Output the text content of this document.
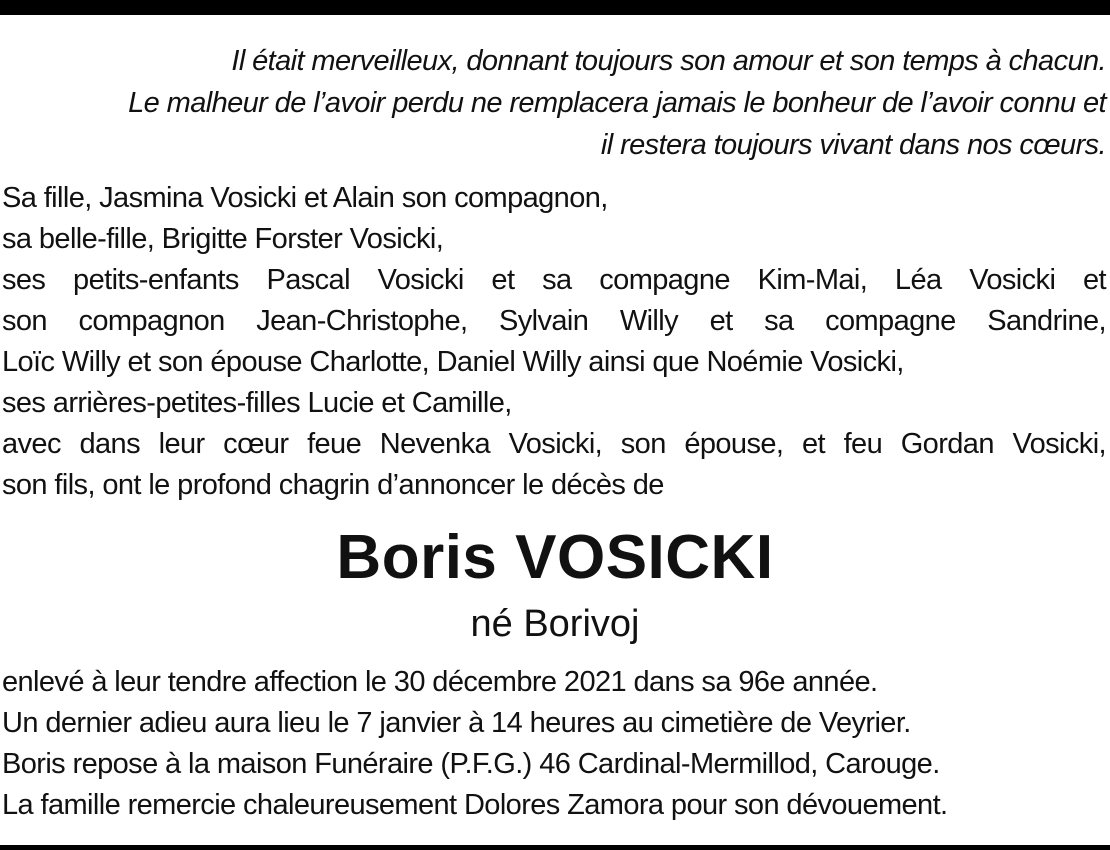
Il était merveilleux, donnant toujours son amour et son temps à chacun.
Le malheur de l’avoir perdu ne remplacera jamais le bonheur de l’avoir connu et
il restera toujours vivant dans nos cœurs.
Sa fille, Jasmina Vosicki et Alain son compagnon,
sa belle-fille, Brigitte Forster Vosicki,
ses petits-enfants Pascal Vosicki et sa compagne Kim-Mai, Léa Vosicki et
son compagnon Jean-Christophe, Sylvain Willy et sa compagne Sandrine,
Loïc Willy et son épouse Charlotte, Daniel Willy ainsi que Noémie Vosicki,
ses arrières-petites-filles Lucie et Camille,
avec dans leur cœur feue Nevenka Vosicki, son épouse, et feu Gordan Vosicki,
son fils, ont le profond chagrin d’annoncer le décès de
Boris VOSICKI
né Borivoj
enlevé à leur tendre affection le 30 décembre 2021 dans sa 96e année.
Un dernier adieu aura lieu le 7 janvier à 14 heures au cimetière de Veyrier.
Boris repose à la maison Funéraire (P.F.G.) 46 Cardinal-Mermillod, Carouge.
La famille remercie chaleureusement Dolores Zamora pour son dévouement.
